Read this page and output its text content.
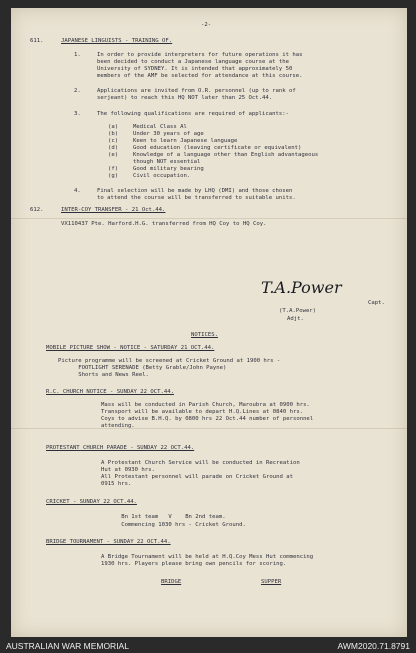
-2-
611.	JAPANESE LINGUISTS - TRAINING OF.
1.	In order to provide interpreters for future operations it has
been decided to conduct a Japanese language course at the
University of SYDNEY. It is intended that approximately 50
members of the AMF be selected for attendance at this course.
2.	Applications are invited from O.R. personnel (up to rank of
serjeant) to reach this HQ NOT later than 25 Oct.44.
3.	The following qualifications are required of applicants:-
(a)	Medical Class Al
(b)	Under 30 years of age
(c)	Keen to learn Japanese language
(d)	Good education (leaving certificate or equivalent)
(e)	Knowledge of a language other than English advantageous
though NOT essential
(f)	Good military bearing
(g)	Civil occupation.
4.	Final selection will be made by LHQ (DMI) and those chosen
to attend the course will be transferred to suitable units.
612.	INTER-COY TRANSFER - 21 Oct.44.
VX110437 Pte. Harford.H.G. transferred from HQ Coy to HQ Coy.
T.A.Power
Capt.
(T.A.Power)
Adjt.
NOTICES.
MOBILE PICTURE SHOW - NOTICE - SATURDAY 21 OCT.44.
Picture programme will be screened at Cricket Ground at 1900 hrs -
FOOTLIGHT SERENADE (Betty Grable/John Payne)
Shorts and News Reel.
R.C. CHURCH NOTICE - SUNDAY 22 OCT.44.
Mass will be conducted in Parish Church, Maroubra at 0900 hrs.
Transport will be available to depart H.Q.Lines at 0840 hrs.
Coys to advise B.H.Q. by 0800 hrs 22 Oct.44 number of personnel
attending.
PROTESTANT CHURCH PARADE - SUNDAY 22 OCT.44.
A Protestant Church Service will be conducted in Recreation
Hut at 0930 hrs.
All Protestant personnel will parade on Cricket Ground at
0915 hrs.
CRICKET - SUNDAY 22 OCT.44.
Bn 1st team   V    Bn 2nd team.
Commencing 1030 hrs - Cricket Ground.
BRIDGE TOURNAMENT - SUNDAY 22 OCT.44.
A Bridge Tournament will be held at H.Q.Coy Mess Hut commencing
1930 hrs. Players please bring own pencils for scoring.
BRIDGE	SUPPER
AUSTRALIAN WAR MEMORIAL	AWM2020.71.8791
